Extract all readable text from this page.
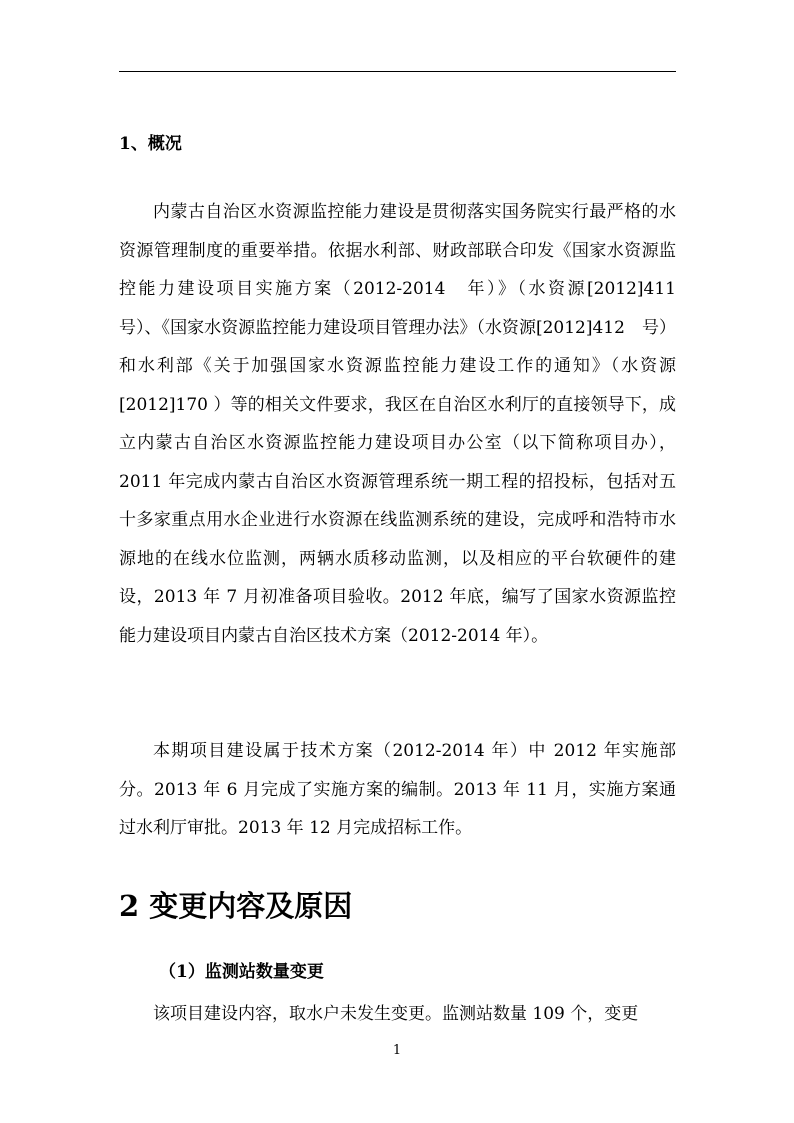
1、概况
内蒙古自治区水资源监控能力建设是贯彻落实国务院实行最严格的水资源管理制度的重要举措。依据水利部、财政部联合印发《国家水资源监控能力建设项目实施方案（2012-2014　年）》（水资源[2012]411　号）、《国家水资源监控能力建设项目管理办法》（水资源[2012]412　号）和水利部《关于加强国家水资源监控能力建设工作的通知》（水资源[2012]170 ）等的相关文件要求，我区在自治区水利厅的直接领导下，成立内蒙古自治区水资源监控能力建设项目办公室（以下简称项目办），2011 年完成内蒙古自治区水资源管理系统一期工程的招投标，包括对五十多家重点用水企业进行水资源在线监测系统的建设，完成呼和浩特市水源地的在线水位监测，两辆水质移动监测，以及相应的平台软硬件的建设，2013 年 7 月初准备项目验收。2012 年底，编写了国家水资源监控能力建设项目内蒙古自治区技术方案（2012-2014 年）。
本期项目建设属于技术方案（2012-2014 年）中 2012 年实施部分。2013 年 6 月完成了实施方案的编制。2013 年 11 月，实施方案通过水利厅审批。2013 年 12 月完成招标工作。
2 变更内容及原因
（1）监测站数量变更
该项目建设内容，取水户未发生变更。监测站数量 109 个，变更
1
